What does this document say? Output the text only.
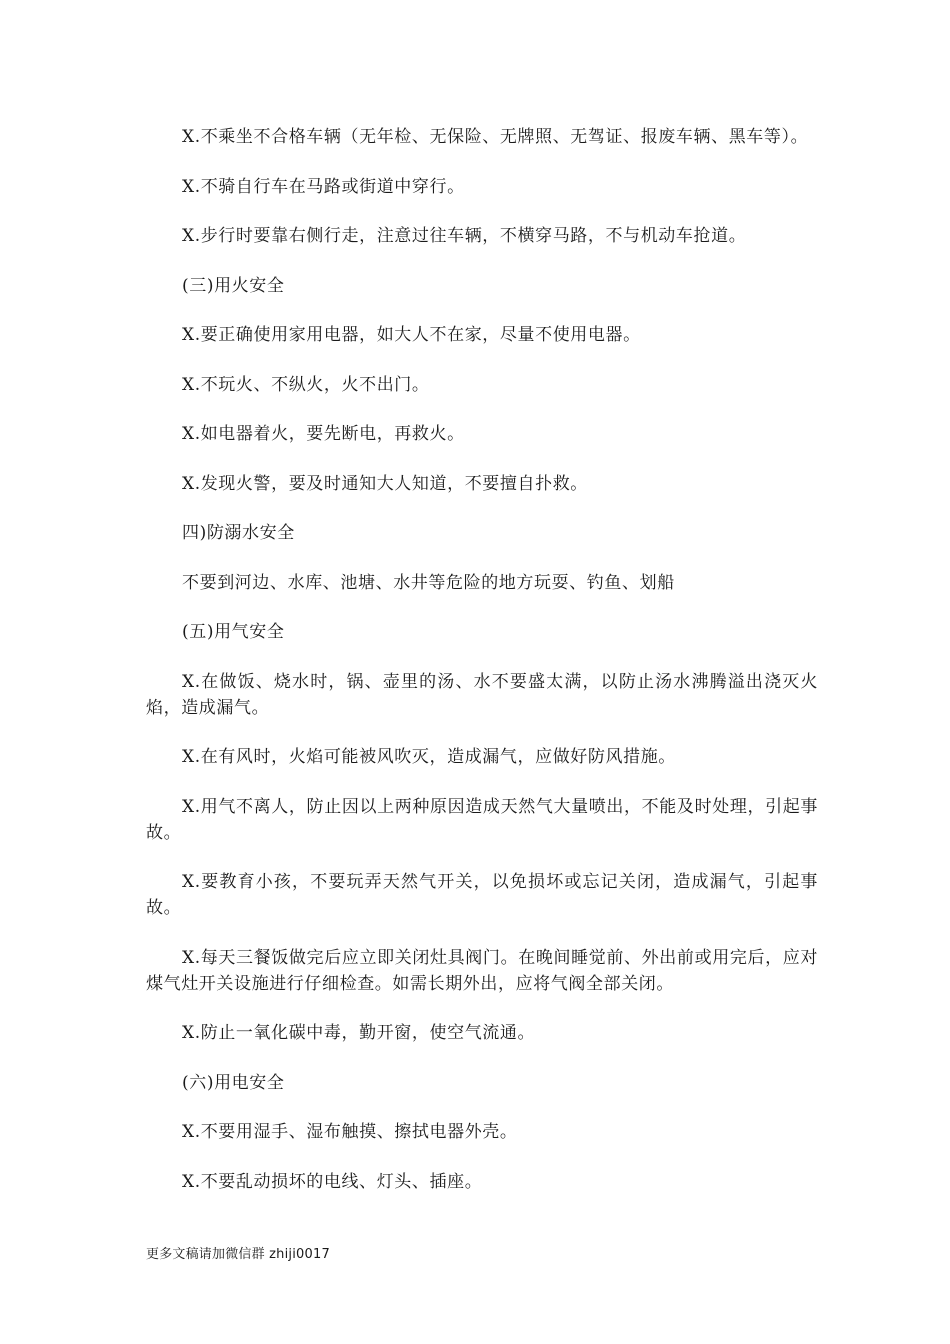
X.不乘坐不合格车辆（无年检、无保险、无牌照、无驾证、报废车辆、黑车等）。

X.不骑自行车在马路或街道中穿行。

X.步行时要靠右侧行走，注意过往车辆，不横穿马路，不与机动车抢道。

(三)用火安全

X.要正确使用家用电器，如大人不在家，尽量不使用电器。

X.不玩火、不纵火，火不出门。

X.如电器着火，要先断电，再救火。

X.发现火警，要及时通知大人知道，不要擅自扑救。

四)防溺水安全

不要到河边、水库、池塘、水井等危险的地方玩耍、钓鱼、划船

(五)用气安全

X.在做饭、烧水时，锅、壶里的汤、水不要盛太满，以防止汤水沸腾溢出浇灭火焰，造成漏气。

X.在有风时，火焰可能被风吹灭，造成漏气，应做好防风措施。

X.用气不离人，防止因以上两种原因造成天然气大量喷出，不能及时处理，引起事故。

X.要教育小孩，不要玩弄天然气开关，以免损坏或忘记关闭，造成漏气，引起事故。

X.每天三餐饭做完后应立即关闭灶具阀门。在晚间睡觉前、外出前或用完后，应对煤气灶开关设施进行仔细检查。如需长期外出，应将气阀全部关闭。

X.防止一氧化碳中毒，勤开窗，使空气流通。

(六)用电安全

X.不要用湿手、湿布触摸、擦拭电器外壳。

X.不要乱动损坏的电线、灯头、插座。

更多文稿请加微信群 zhiji0017
